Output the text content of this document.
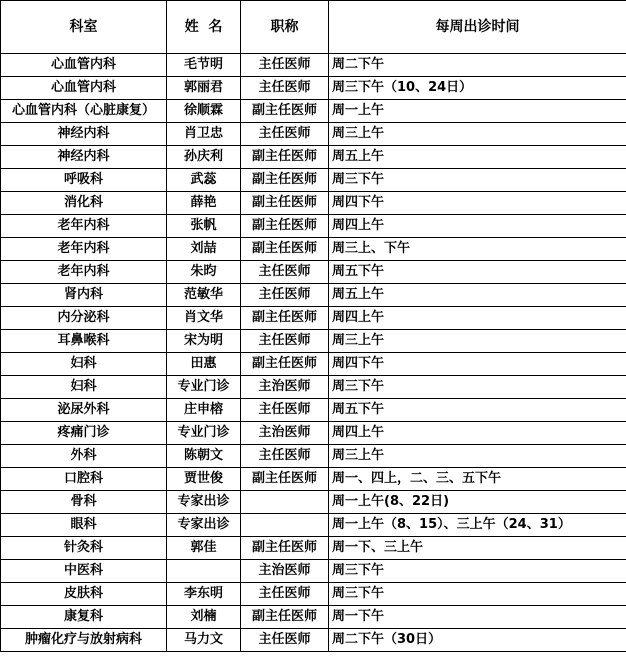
科室	姓  名	职称	每周出诊时间
心血管内科	毛节明	主任医师	周二下午
心血管内科	郭丽君	主任医师	周三下午（10、24日）
心血管内科（心脏康复）	徐顺霖	副主任医师	周一上午
神经内科	肖卫忠	主任医师	周三上午
神经内科	孙庆利	副主任医师	周五上午
呼吸科	武蕊	副主任医师	周三下午
消化科	薛艳	副主任医师	周四下午
老年内科	张帆	副主任医师	周四上午
老年内科	刘喆	副主任医师	周三上、下午
老年内科	朱昀	主任医师	周五下午
肾内科	范敏华	主任医师	周五上午
内分泌科	肖文华	副主任医师	周四上午
耳鼻喉科	宋为明	主任医师	周三上午
妇科	田惠	副主任医师	周四下午
妇科	专业门诊	主治医师	周三下午
泌尿外科	庄申榕	主任医师	周五下午
疼痛门诊	专业门诊	主治医师	周四上午
外科	陈朝文	主任医师	周三上午
口腔科	贾世俊	副主任医师	周一、四上，二、三、五下午
骨科	专家出诊		周一上午(8、22日)
眼科	专家出诊		周一上午（8、15）、三上午（24、31）
针灸科	郭佳	副主任医师	周一下、三上午
中医科		主治医师	周三下午
皮肤科	李东明	主任医师	周三下午
康复科	刘楠	副主任医师	周一下午
肿瘤化疗与放射病科	马力文	主任医师	周二下午（30日）
